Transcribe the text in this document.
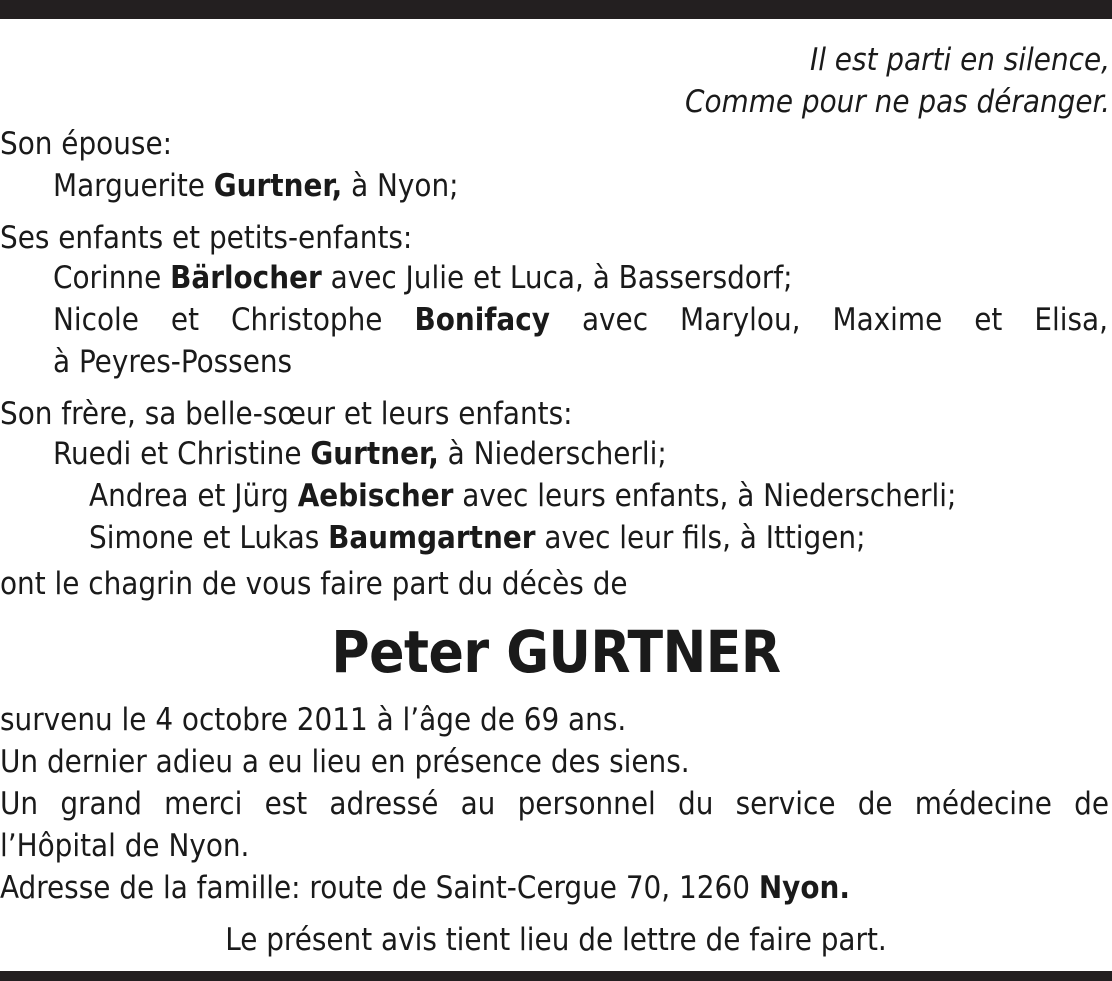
Il est parti en silence,
Comme pour ne pas déranger.
Son épouse:
Marguerite Gurtner, à Nyon;
Ses enfants et petits-enfants:
Corinne Bärlocher avec Julie et Luca, à Bassersdorf;
Nicole et Christophe Bonifacy avec Marylou, Maxime et Elisa,
à Peyres-Possens
Son frère, sa belle-sœur et leurs enfants:
Ruedi et Christine Gurtner, à Niederscherli;
Andrea et Jürg Aebischer avec leurs enfants, à Niederscherli;
Simone et Lukas Baumgartner avec leur fils, à Ittigen;
ont le chagrin de vous faire part du décès de
Peter GURTNER
survenu le 4 octobre 2011 à l’âge de 69 ans.
Un dernier adieu a eu lieu en présence des siens.
Un grand merci est adressé au personnel du service de médecine de
l’Hôpital de Nyon.
Adresse de la famille: route de Saint-Cergue 70, 1260 Nyon.
Le présent avis tient lieu de lettre de faire part.
